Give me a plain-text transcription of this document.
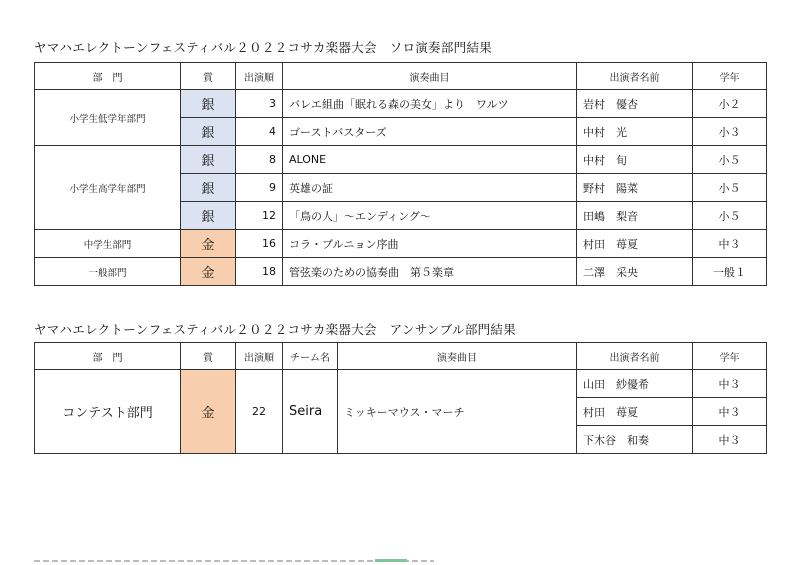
ヤマハエレクトーンフェスティバル２０２２コサカ楽器大会　ソロ演奏部門結果
部　門	賞	出演順	演奏曲目	出演者名前	学年
小学生低学年部門	銀	3	バレエ組曲「眠れる森の美女」より　ワルツ	岩村　優杏	小２
	銀	4	ゴーストバスターズ	中村　光	小３
小学生高学年部門	銀	8	ALONE	中村　旬	小５
	銀	9	英雄の証	野村　陽菜	小５
	銀	12	「鳥の人」～エンディング～	田嶋　梨音	小５
中学生部門	金	16	コラ・ブルニョン序曲	村田　苺夏	中３
一般部門	金	18	管弦楽のための協奏曲　第５楽章	二澤　采央	一般１
ヤマハエレクトーンフェスティバル２０２２コサカ楽器大会　アンサンブル部門結果
部　門	賞	出演順	チーム名	演奏曲目	出演者名前	学年
コンテスト部門	金	22	Seira	ミッキーマウス・マーチ	山田　紗優希	中３
					村田　苺夏	中３
					下木谷　和奏	中３
